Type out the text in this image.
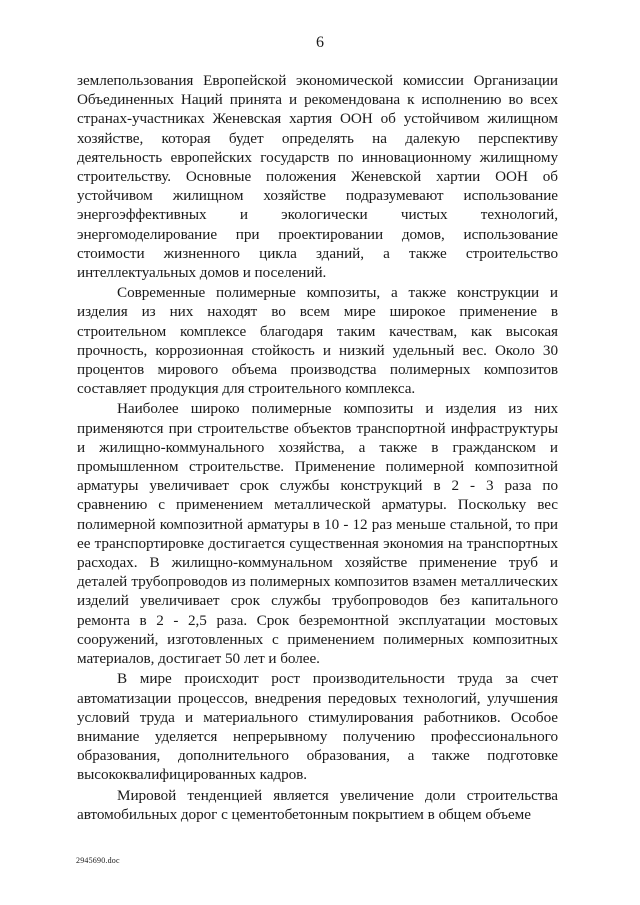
6

землепользования Европейской экономической комиссии Организации Объединенных Наций принята и рекомендована к исполнению во всех странах-участниках Женевская хартия ООН об устойчивом жилищном хозяйстве, которая будет определять на далекую перспективу деятельность европейских государств по инновационному жилищному строительству. Основные положения Женевской хартии ООН об устойчивом жилищном хозяйстве подразумевают использование энергоэффективных и экологически чистых технологий, энергомоделирование при проектировании домов, использование стоимости жизненного цикла зданий, а также строительство интеллектуальных домов и поселений.

Современные полимерные композиты, а также конструкции и изделия из них находят во всем мире широкое применение в строительном комплексе благодаря таким качествам, как высокая прочность, коррозионная стойкость и низкий удельный вес. Около 30 процентов мирового объема производства полимерных композитов составляет продукция для строительного комплекса.

Наиболее широко полимерные композиты и изделия из них применяются при строительстве объектов транспортной инфраструктуры и жилищно-коммунального хозяйства, а также в гражданском и промышленном строительстве. Применение полимерной композитной арматуры увеличивает срок службы конструкций в 2 - 3 раза по сравнению с применением металлической арматуры. Поскольку вес полимерной композитной арматуры в 10 - 12 раз меньше стальной, то при ее транспортировке достигается существенная экономия на транспортных расходах. В жилищно-коммунальном хозяйстве применение труб и деталей трубопроводов из полимерных композитов взамен металлических изделий увеличивает срок службы трубопроводов без капитального ремонта в 2 - 2,5 раза. Срок безремонтной эксплуатации мостовых сооружений, изготовленных с применением полимерных композитных материалов, достигает 50 лет и более.

В мире происходит рост производительности труда за счет автоматизации процессов, внедрения передовых технологий, улучшения условий труда и материального стимулирования работников. Особое внимание уделяется непрерывному получению профессионального образования, дополнительного образования, а также подготовке высококвалифицированных кадров.

Мировой тенденцией является увеличение доли строительства автомобильных дорог с цементобетонным покрытием в общем объеме

2945690.doc
